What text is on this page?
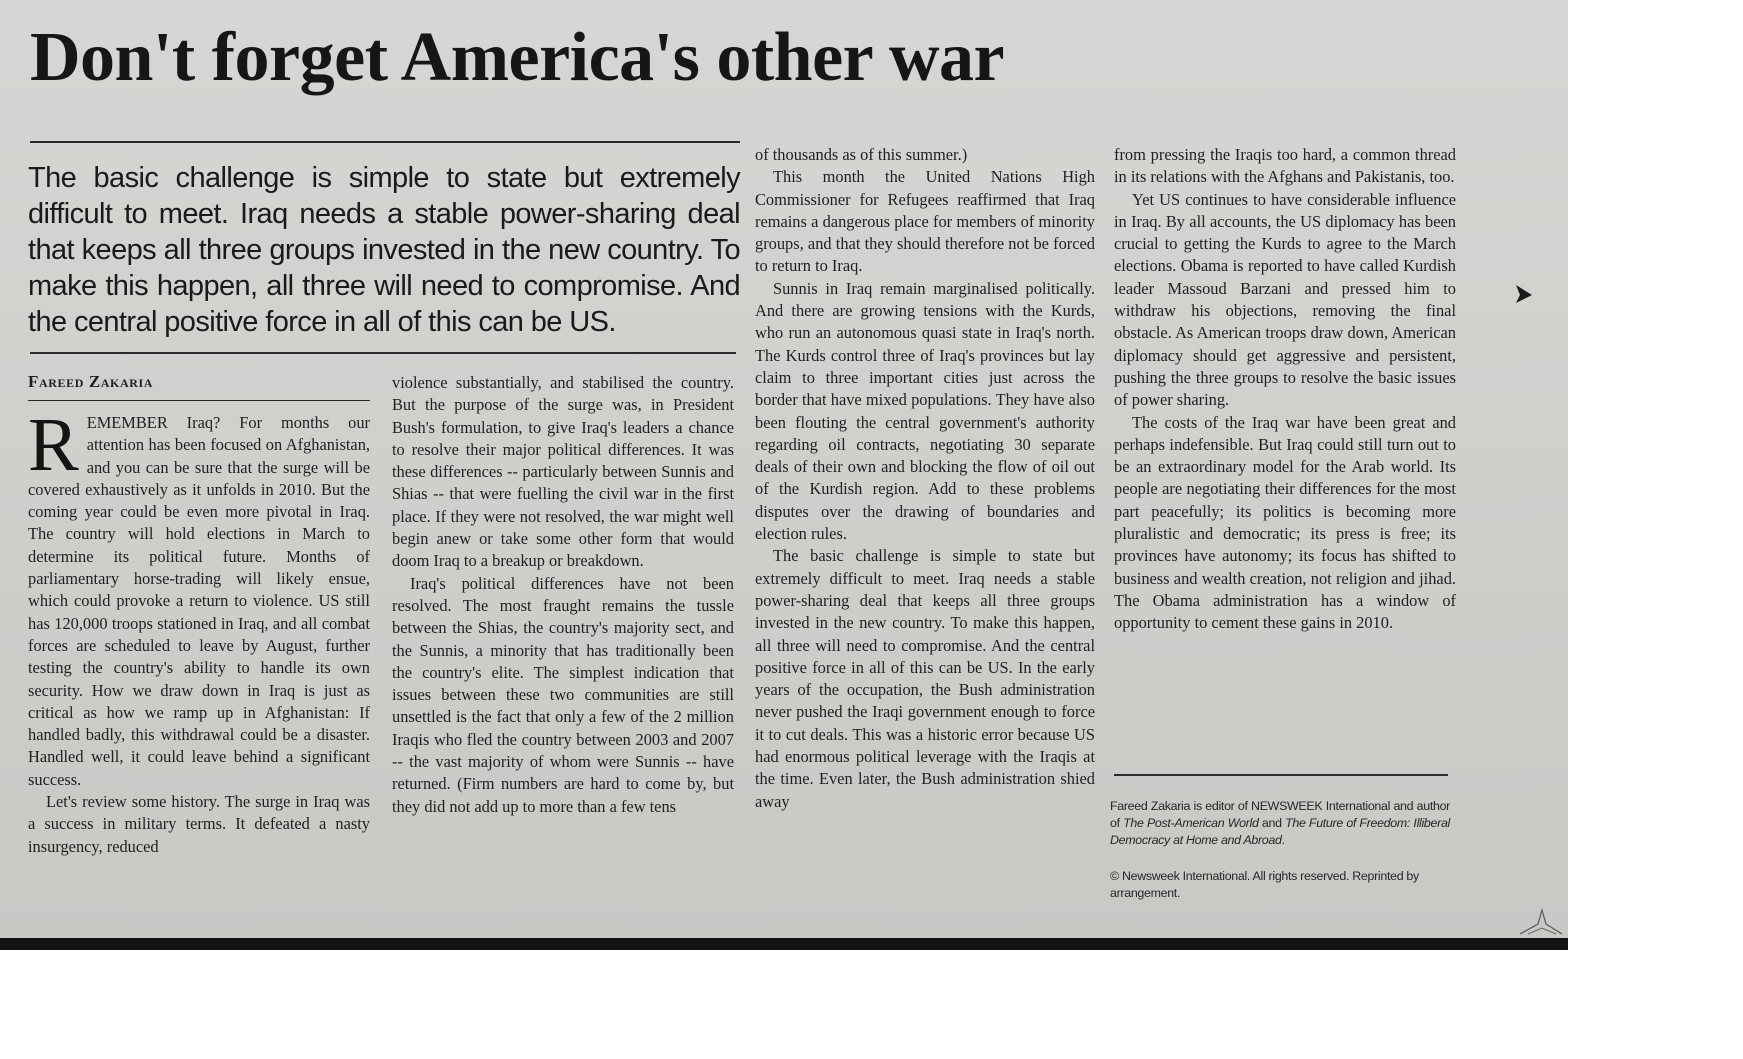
Don't forget America's other war

The basic challenge is simple to state but extremely difficult to meet. Iraq needs a stable power-sharing deal that keeps all three groups invested in the new country. To make this happen, all three will need to compromise. And the central positive force in all of this can be US.

Fareed Zakaria

REMEMBER Iraq? For months our attention has been focused on Afghanistan, and you can be sure that the surge will be covered exhaustively as it unfolds in 2010. But the coming year could be even more pivotal in Iraq. The country will hold elections in March to determine its political future. Months of parliamentary horse-trading will likely ensue, which could provoke a return to violence. US still has 120,000 troops stationed in Iraq, and all combat forces are scheduled to leave by August, further testing the country's ability to handle its own security. How we draw down in Iraq is just as critical as how we ramp up in Afghanistan: If handled badly, this withdrawal could be a disaster. Handled well, it could leave behind a significant success.

Let's review some history. The surge in Iraq was a success in military terms. It defeated a nasty insurgency, reduced

violence substantially, and stabilised the country. But the purpose of the surge was, in President Bush's formulation, to give Iraq's leaders a chance to resolve their major political differences. It was these differences -- particularly between Sunnis and Shias -- that were fuelling the civil war in the first place. If they were not resolved, the war might well begin anew or take some other form that would doom Iraq to a breakup or breakdown.

Iraq's political differences have not been resolved. The most fraught remains the tussle between the Shias, the country's majority sect, and the Sunnis, a minority that has traditionally been the country's elite. The simplest indication that issues between these two communities are still unsettled is the fact that only a few of the 2 million Iraqis who fled the country between 2003 and 2007 -- the vast majority of whom were Sunnis -- have returned. (Firm numbers are hard to come by, but they did not add up to more than a few tens

of thousands as of this summer.)

This month the United Nations High Commissioner for Refugees reaffirmed that Iraq remains a dangerous place for members of minority groups, and that they should therefore not be forced to return to Iraq.

Sunnis in Iraq remain marginalised politically. And there are growing tensions with the Kurds, who run an autonomous quasi state in Iraq's north. The Kurds control three of Iraq's provinces but lay claim to three important cities just across the border that have mixed populations. They have also been flouting the central government's authority regarding oil contracts, negotiating 30 separate deals of their own and blocking the flow of oil out of the Kurdish region. Add to these problems disputes over the drawing of boundaries and election rules.

The basic challenge is simple to state but extremely difficult to meet. Iraq needs a stable power-sharing deal that keeps all three groups invested in the new country. To make this happen, all three will need to compromise. And the central positive force in all of this can be US. In the early years of the occupation, the Bush administration never pushed the Iraqi government enough to force it to cut deals. This was a historic error because US had enormous political leverage with the Iraqis at the time. Even later, the Bush administration shied away

from pressing the Iraqis too hard, a common thread in its relations with the Afghans and Pakistanis, too.

Yet US continues to have considerable influence in Iraq. By all accounts, the US diplomacy has been crucial to getting the Kurds to agree to the March elections. Obama is reported to have called Kurdish leader Massoud Barzani and pressed him to withdraw his objections, removing the final obstacle. As American troops draw down, American diplomacy should get aggressive and persistent, pushing the three groups to resolve the basic issues of power sharing.

The costs of the Iraq war have been great and perhaps indefensible. But Iraq could still turn out to be an extraordinary model for the Arab world. Its people are negotiating their differences for the most part peacefully; its politics is becoming more pluralistic and democratic; its press is free; its provinces have autonomy; its focus has shifted to business and wealth creation, not religion and jihad. The Obama administration has a window of opportunity to cement these gains in 2010.

Fareed Zakaria is editor of NEWSWEEK International and author of The Post-American World and The Future of Freedom: Illiberal Democracy at Home and Abroad.

© Newsweek International. All rights reserved. Reprinted by arrangement.
